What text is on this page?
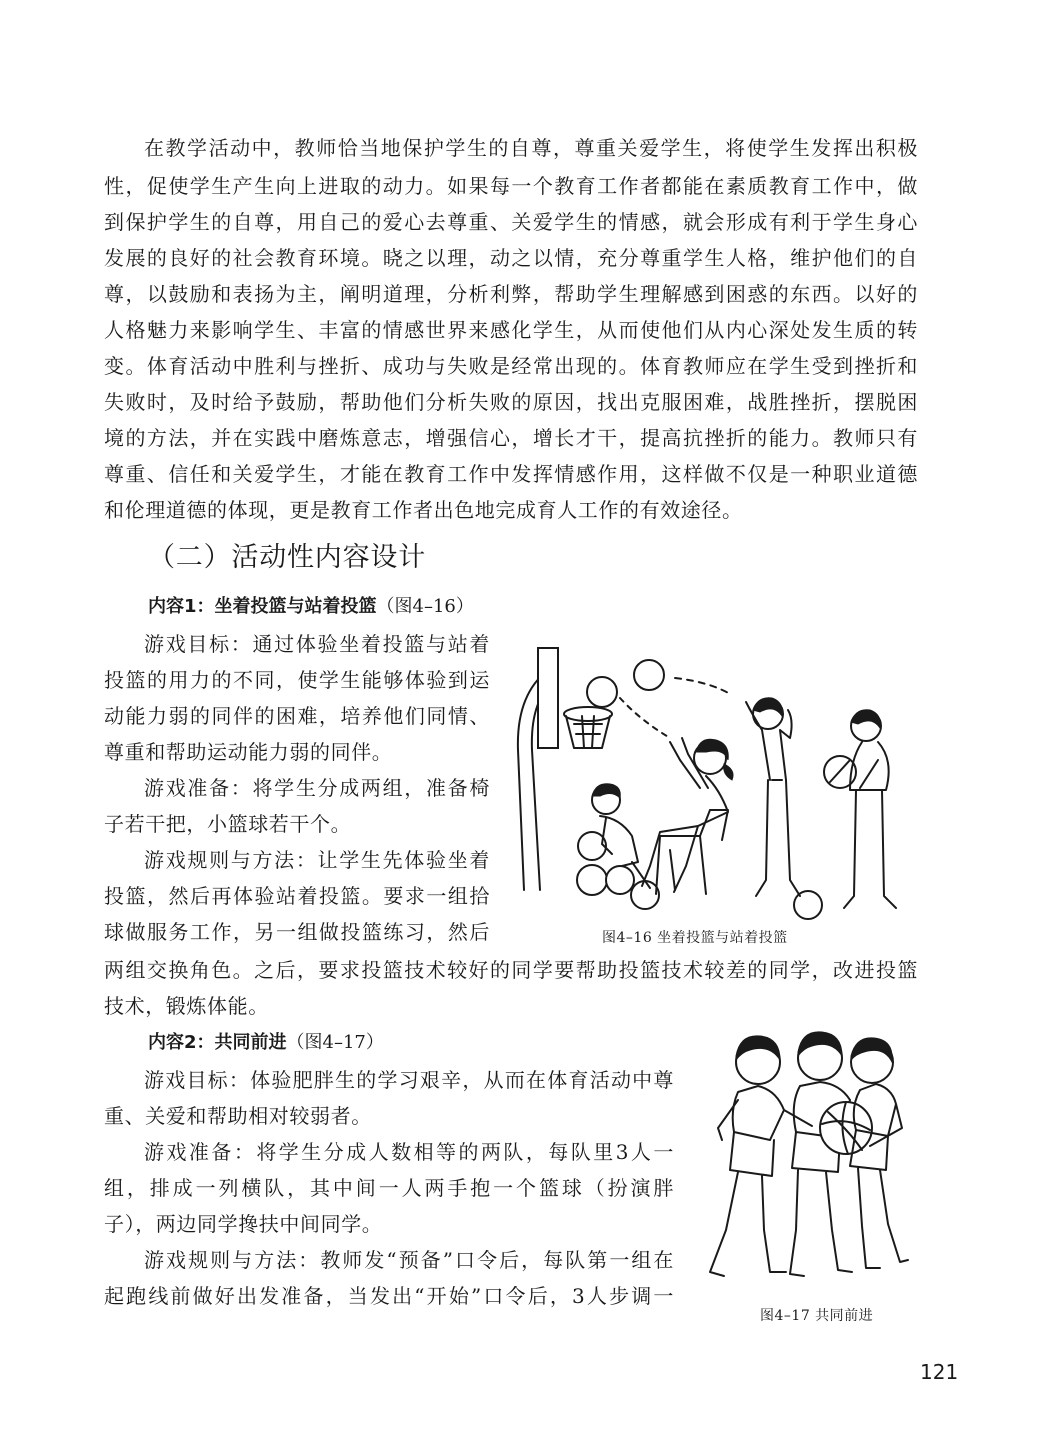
在教学活动中，教师恰当地保护学生的自尊，尊重关爱学生，将使学生发挥出积极
性，促使学生产生向上进取的动力。如果每一个教育工作者都能在素质教育工作中，做
到保护学生的自尊，用自己的爱心去尊重、关爱学生的情感，就会形成有利于学生身心
发展的良好的社会教育环境。晓之以理，动之以情，充分尊重学生人格，维护他们的自
尊，以鼓励和表扬为主，阐明道理，分析利弊，帮助学生理解感到困惑的东西。以好的
人格魅力来影响学生、丰富的情感世界来感化学生，从而使他们从内心深处发生质的转
变。体育活动中胜利与挫折、成功与失败是经常出现的。体育教师应在学生受到挫折和
失败时，及时给予鼓励，帮助他们分析失败的原因，找出克服困难，战胜挫折，摆脱困
境的方法，并在实践中磨炼意志，增强信心，增长才干，提高抗挫折的能力。教师只有
尊重、信任和关爱学生，才能在教育工作中发挥情感作用，这样做不仅是一种职业道德
和伦理道德的体现，更是教育工作者出色地完成育人工作的有效途径。
（二）活动性内容设计
内容1：坐着投篮与站着投篮（图4–16）
游戏目标：通过体验坐着投篮与站着
投篮的用力的不同，使学生能够体验到运
动能力弱的同伴的困难，培养他们同情、
尊重和帮助运动能力弱的同伴。
游戏准备：将学生分成两组，准备椅
子若干把，小篮球若干个。
游戏规则与方法：让学生先体验坐着
投篮，然后再体验站着投篮。要求一组拾
球做服务工作，另一组做投篮练习，然后
两组交换角色。之后，要求投篮技术较好的同学要帮助投篮技术较差的同学，改进投篮
技术，锻炼体能。
图4–16 坐着投篮与站着投篮
内容2：共同前进（图4–17）
游戏目标：体验肥胖生的学习艰辛，从而在体育活动中尊
重、关爱和帮助相对较弱者。
游戏准备：将学生分成人数相等的两队，每队里3人一
组，排成一列横队，其中间一人两手抱一个篮球（扮演胖
子），两边同学搀扶中间同学。
游戏规则与方法：教师发“预备”口令后，每队第一组在
起跑线前做好出发准备，当发出“开始”口令后，3人步调一
图4–17 共同前进
121
